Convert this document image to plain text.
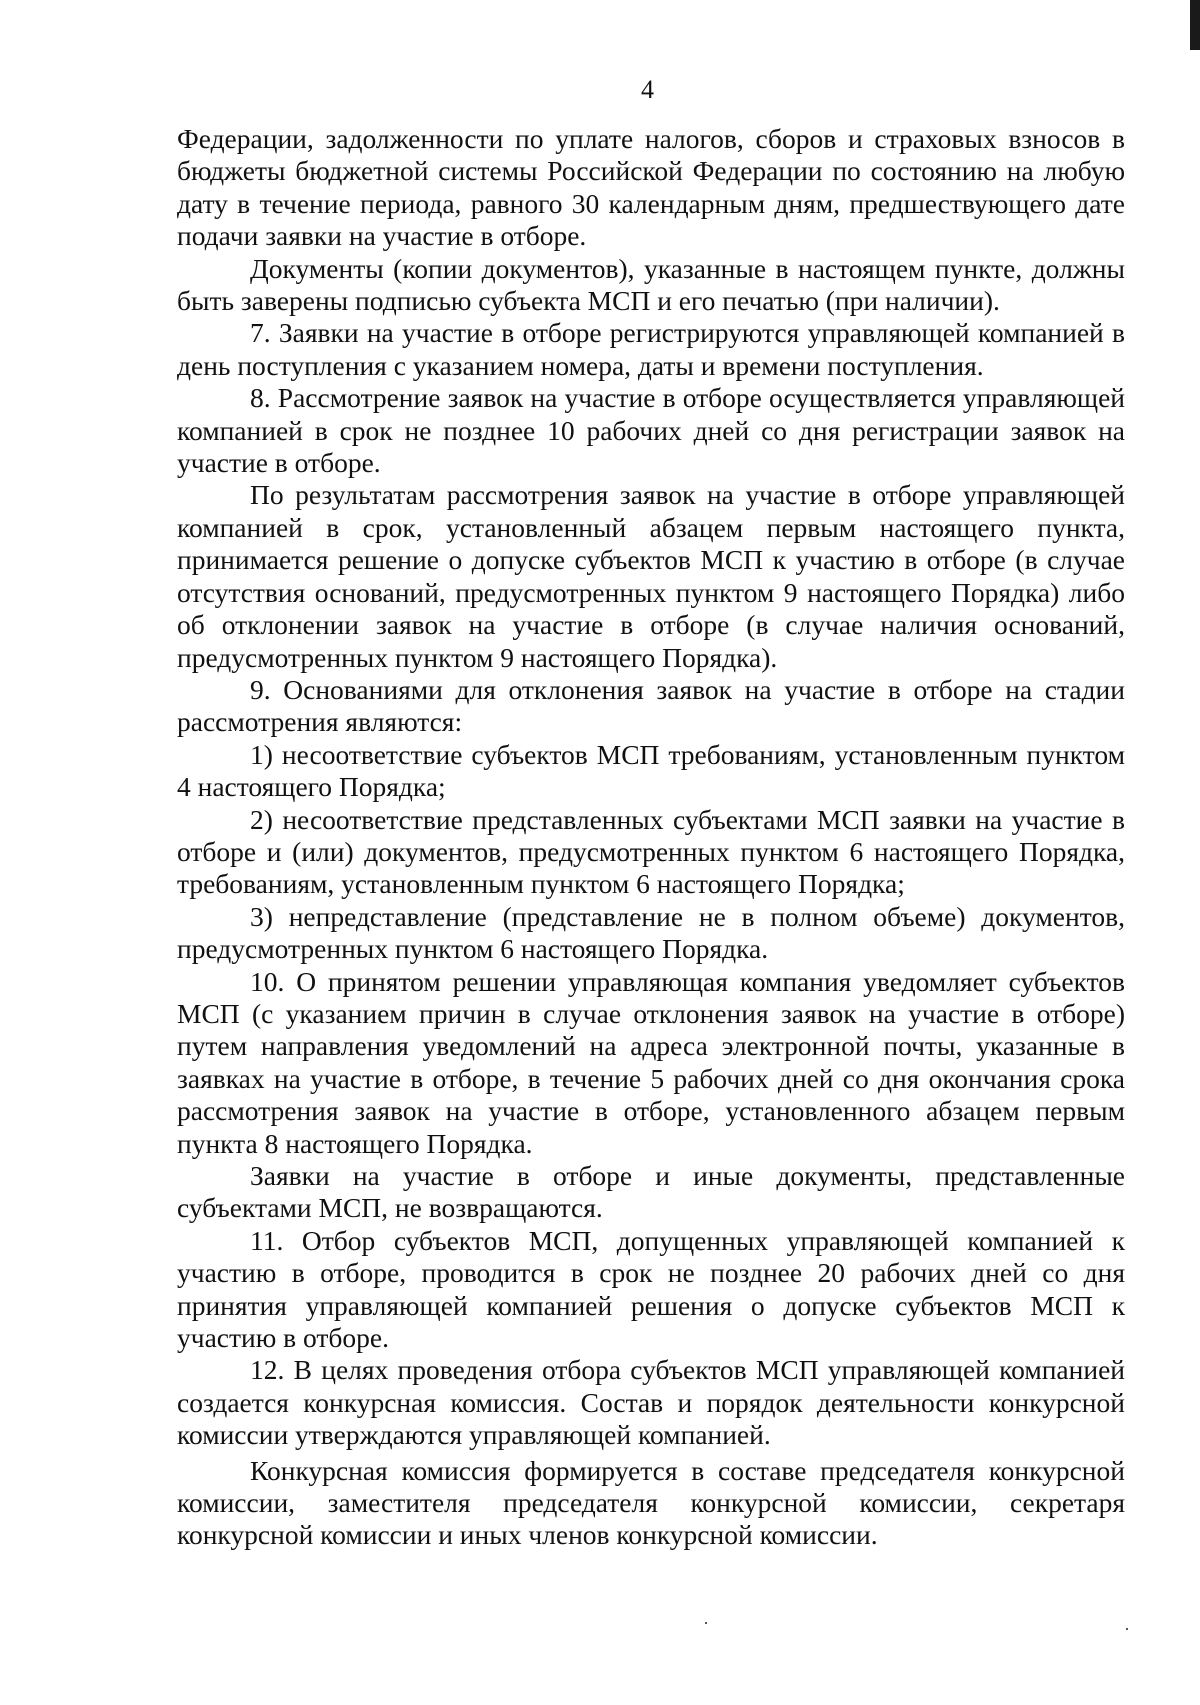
4

Федерации, задолженности по уплате налогов, сборов и страховых взносов в бюджеты бюджетной системы Российской Федерации по состоянию на любую дату в течение периода, равного 30 календарным дням, предшествующего дате подачи заявки на участие в отборе.

Документы (копии документов), указанные в настоящем пункте, должны быть заверены подписью субъекта МСП и его печатью (при наличии).

7. Заявки на участие в отборе регистрируются управляющей компанией в день поступления с указанием номера, даты и времени поступления.

8. Рассмотрение заявок на участие в отборе осуществляется управляющей компанией в срок не позднее 10 рабочих дней со дня регистрации заявок на участие в отборе.

По результатам рассмотрения заявок на участие в отборе управляющей компанией в срок, установленный абзацем первым настоящего пункта, принимается решение о допуске субъектов МСП к участию в отборе (в случае отсутствия оснований, предусмотренных пунктом 9 настоящего Порядка) либо об отклонении заявок на участие в отборе (в случае наличия оснований, предусмотренных пунктом 9 настоящего Порядка).

9. Основаниями для отклонения заявок на участие в отборе на стадии рассмотрения являются:

1) несоответствие субъектов МСП требованиям, установленным пунктом 4 настоящего Порядка;

2) несоответствие представленных субъектами МСП заявки на участие в отборе и (или) документов, предусмотренных пунктом 6 настоящего Порядка, требованиям, установленным пунктом 6 настоящего Порядка;

3) непредставление (представление не в полном объеме) документов, предусмотренных пунктом 6 настоящего Порядка.

10. О принятом решении управляющая компания уведомляет субъектов МСП (с указанием причин в случае отклонения заявок на участие в отборе) путем направления уведомлений на адреса электронной почты, указанные в заявках на участие в отборе, в течение 5 рабочих дней со дня окончания срока рассмотрения заявок на участие в отборе, установленного абзацем первым пункта 8 настоящего Порядка.

Заявки на участие в отборе и иные документы, представленные субъектами МСП, не возвращаются.

11. Отбор субъектов МСП, допущенных управляющей компанией к участию в отборе, проводится в срок не позднее 20 рабочих дней со дня принятия управляющей компанией решения о допуске субъектов МСП к участию в отборе.

12. В целях проведения отбора субъектов МСП управляющей компанией создается конкурсная комиссия. Состав и порядок деятельности конкурсной комиссии утверждаются управляющей компанией.

Конкурсная комиссия формируется в составе председателя конкурсной комиссии, заместителя председателя конкурсной комиссии, секретаря конкурсной комиссии и иных членов конкурсной комиссии.
